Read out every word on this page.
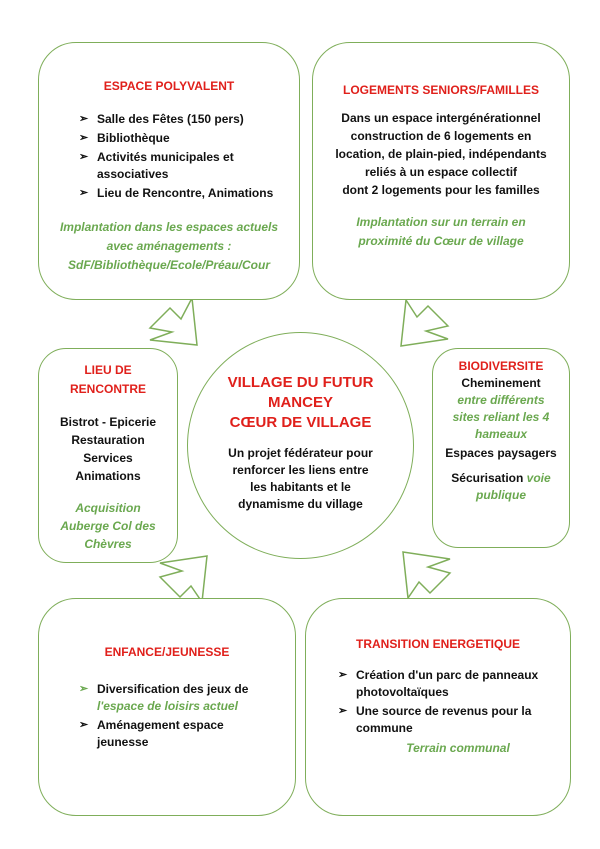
ESPACE POLYVALENT
➢ Salle des Fêtes (150 pers)
➢ Bibliothèque
➢ Activités municipales et associatives
➢ Lieu de Rencontre, Animations
Implantation dans les espaces actuels
avec aménagements :
SdF/Bibliothèque/Ecole/Préau/Cour
LOGEMENTS SENIORS/FAMILLES
Dans un espace intergénérationnel
construction de 6 logements en
location, de plain-pied, indépendants
reliés à un espace collectif
dont 2 logements pour les familles
Implantation sur un terrain en
proximité du Cœur de village
LIEU DE
RENCONTRE
Bistrot - Epicerie
Restauration
Services
Animations
Acquisition
Auberge Col des
Chèvres
VILLAGE DU FUTUR
MANCEY
CŒUR DE VILLAGE
Un projet fédérateur pour
renforcer les liens entre
les habitants et le
dynamisme du village
BIODIVERSITE
Cheminement
entre différents
sites reliant les 4
hameaux
Espaces paysagers
Sécurisation voie
publique
ENFANCE/JEUNESSE
➢ Diversification des jeux de
l'espace de loisirs actuel
➢ Aménagement espace
jeunesse
TRANSITION ENERGETIQUE
➢ Création d'un parc de panneaux
photovoltaïques
➢ Une source de revenus pour la
commune
Terrain communal
